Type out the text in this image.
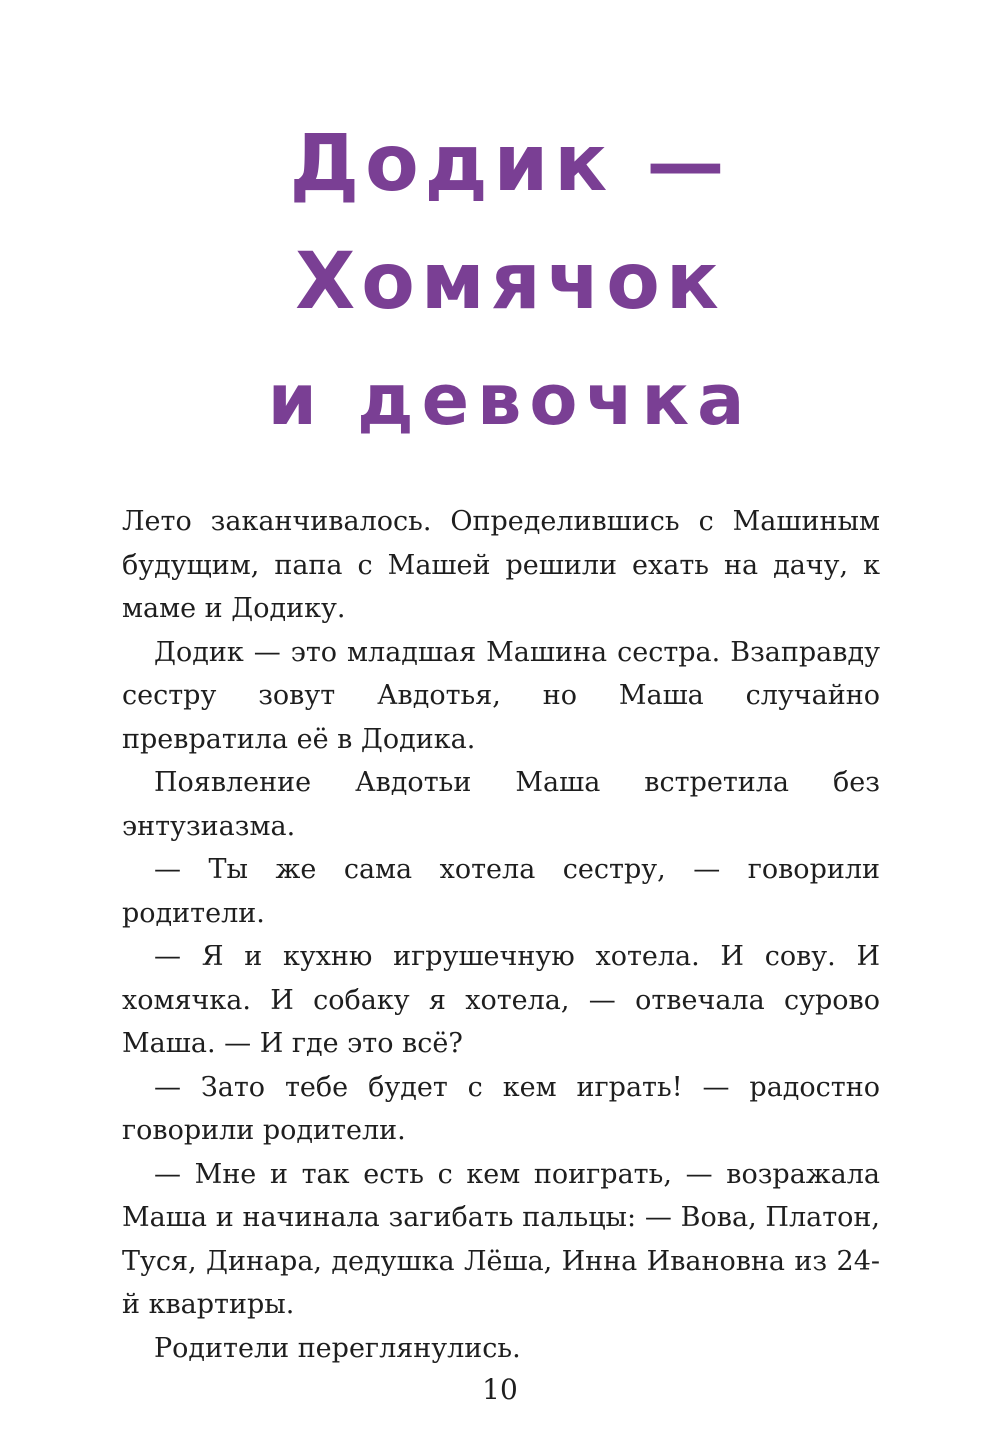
Додик —
Хомячок
и девочка

Лето заканчивалось. Определившись с Машиным будущим, папа с Машей решили ехать на дачу, к маме и Додику.

Додик — это младшая Машина сестра. Взаправду сестру зовут Авдотья, но Маша случайно превратила её в Додика.

Появление Авдотьи Маша встретила без энтузиазма.

— Ты же сама хотела сестру, — говорили родители.

— Я и кухню игрушечную хотела. И сову. И хомячка. И собаку я хотела, — отвечала сурово Маша. — И где это всё?

— Зато тебе будет с кем играть! — радостно говорили родители.

— Мне и так есть с кем поиграть, — возражала Маша и начинала загибать пальцы: — Вова, Платон, Туся, Динара, дедушка Лёша, Инна Ивановна из 24-й квартиры.

Родители переглянулись.

10
